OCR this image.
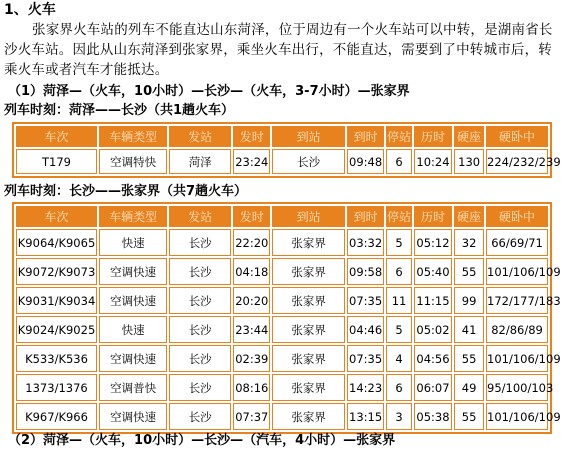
1、火车
张家界火车站的列车不能直达山东菏泽，位于周边有一个火车站可以中转，是湖南省长沙火车站。因此从山东菏泽到张家界，乘坐火车出行，不能直达，需要到了中转城市后，转乘火车或者汽车才能抵达。
（1）菏泽—（火车，10小时）—长沙—（火车，3-7小时）—张家界
列车时刻：菏泽——长沙（共1趟火车）
车次	车辆类型	发站	发时	到站	到时	停站	历时	硬座	硬卧中
T179	空调特快	菏泽	23:24	长沙	09:48	6	10:24	130	224/232/239
列车时刻：长沙——张家界（共7趟火车）
车次	车辆类型	发站	发时	到站	到时	停站	历时	硬座	硬卧中
K9064/K9065	快速	长沙	22:20	张家界	03:32	5	05:12	32	66/69/71
K9072/K9073	空调快速	长沙	04:18	张家界	09:58	6	05:40	55	101/106/109
K9031/K9034	空调快速	长沙	20:20	张家界	07:35	11	11:15	99	172/177/183
K9024/K9025	快速	长沙	23:44	张家界	04:46	5	05:02	41	82/86/89
K533/K536	空调快速	长沙	02:39	张家界	07:35	4	04:56	55	101/106/109
1373/1376	空调普快	长沙	08:16	张家界	14:23	6	06:07	49	95/100/103
K967/K966	空调快速	长沙	07:37	张家界	13:15	3	05:38	55	101/106/109
（2）菏泽—（火车，10小时）—长沙—（汽车，4小时）—张家界
